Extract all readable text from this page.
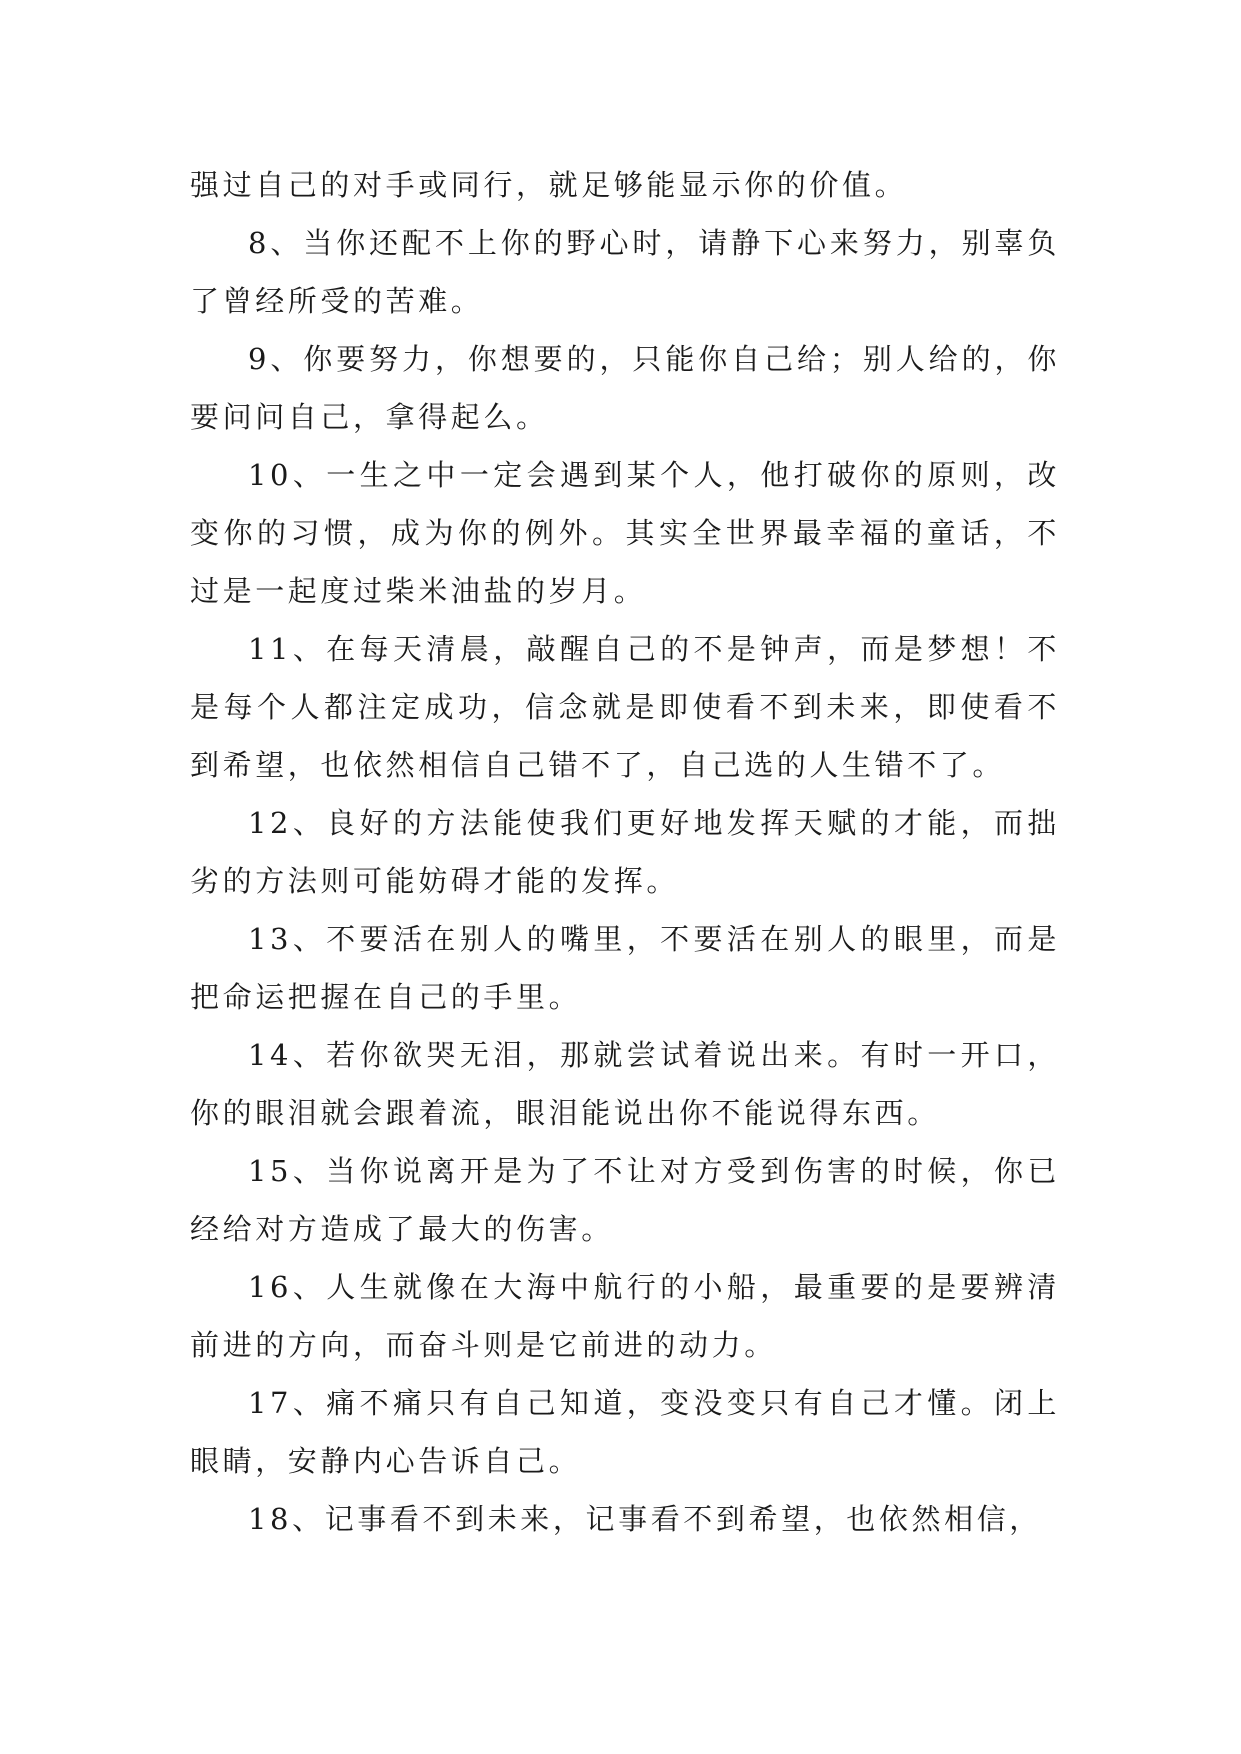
强过自己的对手或同行，就足够能显示你的价值。

8、当你还配不上你的野心时，请静下心来努力，别辜负了曾经所受的苦难。

9、你要努力，你想要的，只能你自己给；别人给的，你要问问自己，拿得起么。

10、一生之中一定会遇到某个人，他打破你的原则，改变你的习惯，成为你的例外。其实全世界最幸福的童话，不过是一起度过柴米油盐的岁月。

11、在每天清晨，敲醒自己的不是钟声，而是梦想！不是每个人都注定成功，信念就是即使看不到未来，即使看不到希望，也依然相信自己错不了，自己选的人生错不了。

12、良好的方法能使我们更好地发挥天赋的才能，而拙劣的方法则可能妨碍才能的发挥。

13、不要活在别人的嘴里，不要活在别人的眼里，而是把命运把握在自己的手里。

14、若你欲哭无泪，那就尝试着说出来。有时一开口，你的眼泪就会跟着流，眼泪能说出你不能说得东西。

15、当你说离开是为了不让对方受到伤害的时候，你已经给对方造成了最大的伤害。

16、人生就像在大海中航行的小船，最重要的是要辨清前进的方向，而奋斗则是它前进的动力。

17、痛不痛只有自己知道，变没变只有自己才懂。闭上眼睛，安静内心告诉自己。

18、记事看不到未来，记事看不到希望，也依然相信，
